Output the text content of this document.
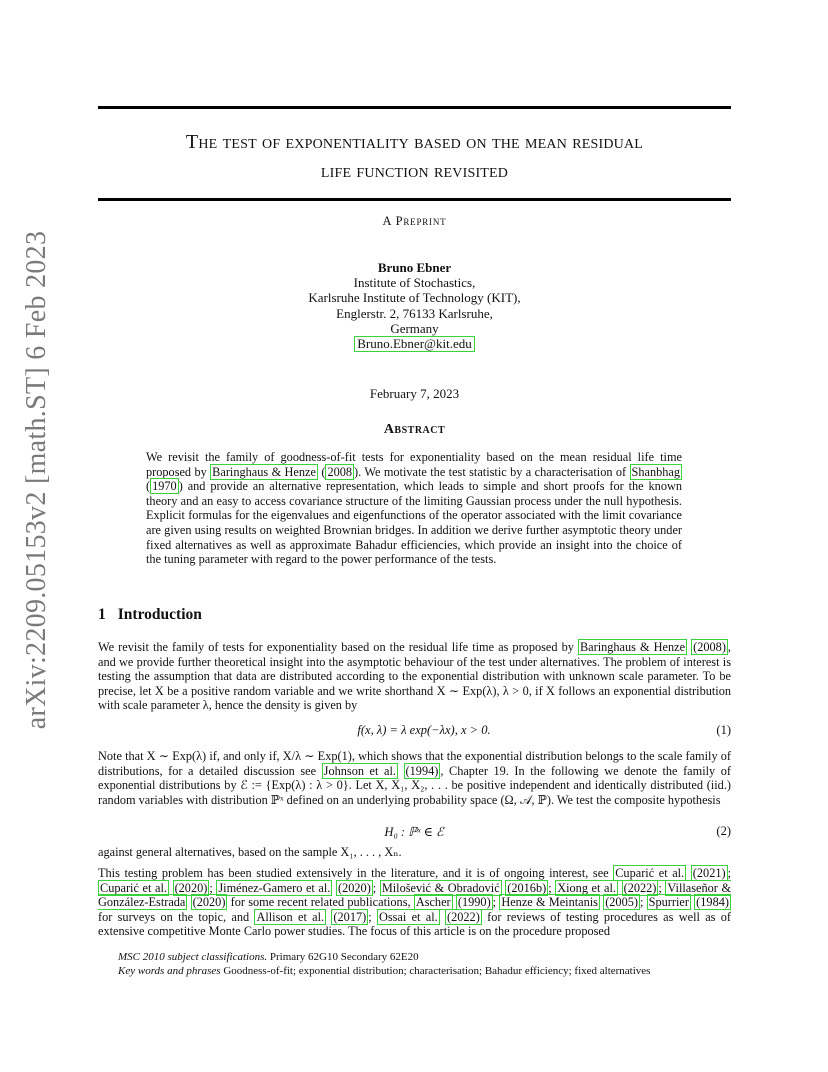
arXiv:2209.05153v2 [math.ST] 6 Feb 2023
The test of exponentiality based on the mean residual
life function revisited
A Preprint
Bruno Ebner
Institute of Stochastics,
Karlsruhe Institute of Technology (KIT),
Englerstr. 2, 76133 Karlsruhe,
Germany
Bruno.Ebner@kit.edu
February 7, 2023
Abstract
We revisit the family of goodness-of-fit tests for exponentiality based on the mean residual life time proposed by Baringhaus & Henze ( 2008 ). We motivate the test statistic by a characterisation of Shanbhag ( 1970 ) and provide an alternative representation, which leads to simple and short proofs for the known theory and an easy to access covariance structure of the limiting Gaussian process under the null hypothesis. Explicit formulas for the eigenvalues and eigenfunctions of the operator associated with the limit covariance are given using results on weighted Brownian bridges. In addition we derive further asymptotic theory under fixed alternatives as well as approximate Bahadur efficiencies, which provide an insight into the choice of the tuning parameter with regard to the power performance of the tests.
1 Introduction
We revisit the family of tests for exponentiality based on the residual life time as proposed by Baringhaus & Henze (2008) , and we provide further theoretical insight into the asymptotic behaviour of the test under alternatives. The problem of interest is testing the assumption that data are distributed according to the exponential distribution with unknown scale parameter. To be precise, let X be a positive random variable and we write shorthand X ∼ Exp(λ), λ > 0, if X follows an exponential distribution with scale parameter λ, hence the density is given by
f(x, λ) = λ exp(−λx), x > 0.	(1)
Note that X ∼ Exp(λ) if, and only if, X/λ ∼ Exp(1), which shows that the exponential distribution belongs to the scale family of distributions, for a detailed discussion see Johnson et al. (1994) , Chapter 19. In the following we denote the family of exponential distributions by ℰ := {Exp(λ) : λ > 0}. Let X, X₁, X₂, . . . be positive independent and identically distributed (iid.) random variables with distribution ℙˣ defined on an underlying probability space (Ω, 𝒜, ℙ). We test the composite hypothesis
H₀ : ℙˣ ∈ ℰ	(2)
against general alternatives, based on the sample X₁, . . . , Xₙ.
This testing problem has been studied extensively in the literature, and it is of ongoing interest, see Cuparić et al. (2021) ; Cuparić et al. (2020) ; Jiménez-Gamero et al. (2020) ; Milošević & Obradović (2016b) ; Xiong et al. (2022) ; Villaseñor & González-Estrada (2020) for some recent related publications, Ascher (1990) ; Henze & Meintanis (2005) ; Spurrier (1984) for surveys on the topic, and Allison et al. (2017) ; Ossai et al. (2022) for reviews of testing procedures as well as of extensive competitive Monte Carlo power studies. The focus of this article is on the procedure proposed
MSC 2010 subject classifications. Primary 62G10 Secondary 62E20
Key words and phrases Goodness-of-fit; exponential distribution; characterisation; Bahadur efficiency; fixed alternatives
